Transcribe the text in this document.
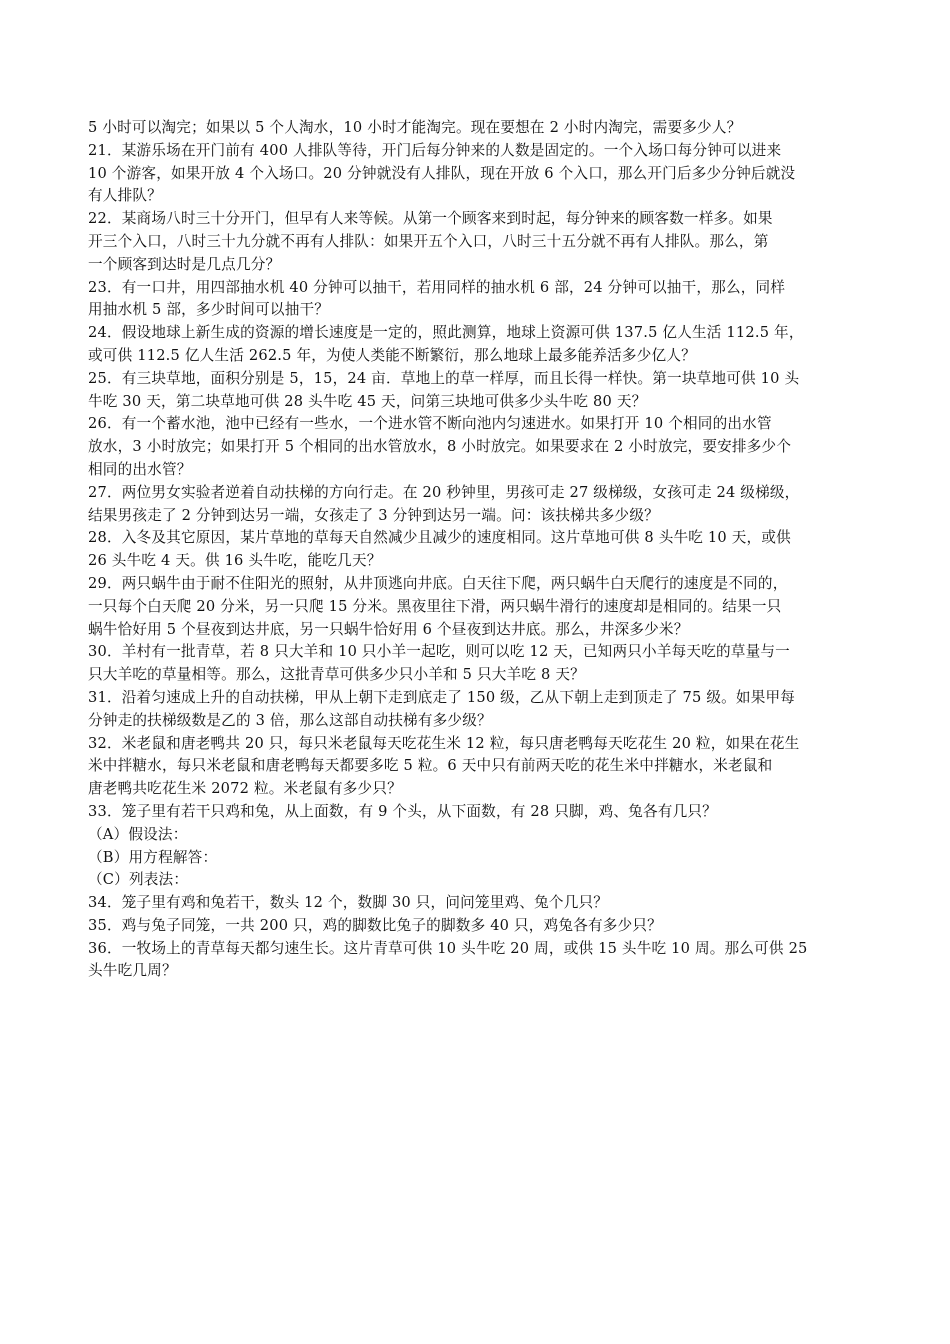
5 小时可以淘完；如果以 5 个人淘水，10 小时才能淘完。现在要想在 2 小时内淘完，需要多少人？
21．某游乐场在开门前有 400 人排队等待，开门后每分钟来的人数是固定的。一个入场口每分钟可以进来
10 个游客，如果开放 4 个入场口。20 分钟就没有人排队，现在开放 6 个入口，那么开门后多少分钟后就没
有人排队？
22．某商场八时三十分开门，但早有人来等候。从第一个顾客来到时起，每分钟来的顾客数一样多。如果
开三个入口，八时三十九分就不再有人排队：如果开五个入口，八时三十五分就不再有人排队。那么，第
一个顾客到达时是几点几分？
23．有一口井，用四部抽水机 40 分钟可以抽干，若用同样的抽水机 6 部，24 分钟可以抽干，那么，同样
用抽水机 5 部，多少时间可以抽干？
24．假设地球上新生成的资源的增长速度是一定的，照此测算，地球上资源可供 137.5 亿人生活 112.5 年，
或可供 112.5 亿人生活 262.5 年，为使人类能不断繁衍，那么地球上最多能养活多少亿人？
25．有三块草地，面积分别是 5，15，24 亩．草地上的草一样厚，而且长得一样快。第一块草地可供 10 头
牛吃 30 天，第二块草地可供 28 头牛吃 45 天，问第三块地可供多少头牛吃 80 天？
26．有一个蓄水池，池中已经有一些水，一个进水管不断向池内匀速进水。如果打开 10 个相同的出水管
放水，3 小时放完；如果打开 5 个相同的出水管放水，8 小时放完。如果要求在 2 小时放完，要安排多少个
相同的出水管？
27．两位男女实验者逆着自动扶梯的方向行走。在 20 秒钟里，男孩可走 27 级梯级，女孩可走 24 级梯级，
结果男孩走了 2 分钟到达另一端，女孩走了 3 分钟到达另一端。问：该扶梯共多少级？
28．入冬及其它原因，某片草地的草每天自然减少且减少的速度相同。这片草地可供 8 头牛吃 10 天，或供
26 头牛吃 4 天。供 16 头牛吃，能吃几天？
29．两只蜗牛由于耐不住阳光的照射，从井顶逃向井底。白天往下爬，两只蜗牛白天爬行的速度是不同的，
一只每个白天爬 20 分米，另一只爬 15 分米。黑夜里往下滑，两只蜗牛滑行的速度却是相同的。结果一只
蜗牛恰好用 5 个昼夜到达井底，另一只蜗牛恰好用 6 个昼夜到达井底。那么，井深多少米？
30．羊村有一批青草，若 8 只大羊和 10 只小羊一起吃，则可以吃 12 天，已知两只小羊每天吃的草量与一
只大羊吃的草量相等。那么，这批青草可供多少只小羊和 5 只大羊吃 8 天？
31．沿着匀速成上升的自动扶梯，甲从上朝下走到底走了 150 级，乙从下朝上走到顶走了 75 级。如果甲每
分钟走的扶梯级数是乙的 3 倍，那么这部自动扶梯有多少级？
32．米老鼠和唐老鸭共 20 只，每只米老鼠每天吃花生米 12 粒，每只唐老鸭每天吃花生 20 粒，如果在花生
米中拌糖水，每只米老鼠和唐老鸭每天都要多吃 5 粒。6 天中只有前两天吃的花生米中拌糖水，米老鼠和
唐老鸭共吃花生米 2072 粒。米老鼠有多少只？
33．笼子里有若干只鸡和兔，从上面数，有 9 个头，从下面数，有 28 只脚，鸡、兔各有几只？
（A）假设法：
（B）用方程解答：
（C）列表法：
34．笼子里有鸡和兔若干，数头 12 个，数脚 30 只，问问笼里鸡、兔个几只？
35．鸡与兔子同笼，一共 200 只，鸡的脚数比兔子的脚数多 40 只，鸡兔各有多少只？
36．一牧场上的青草每天都匀速生长。这片青草可供 10 头牛吃 20 周，或供 15 头牛吃 10 周。那么可供 25
头牛吃几周？
